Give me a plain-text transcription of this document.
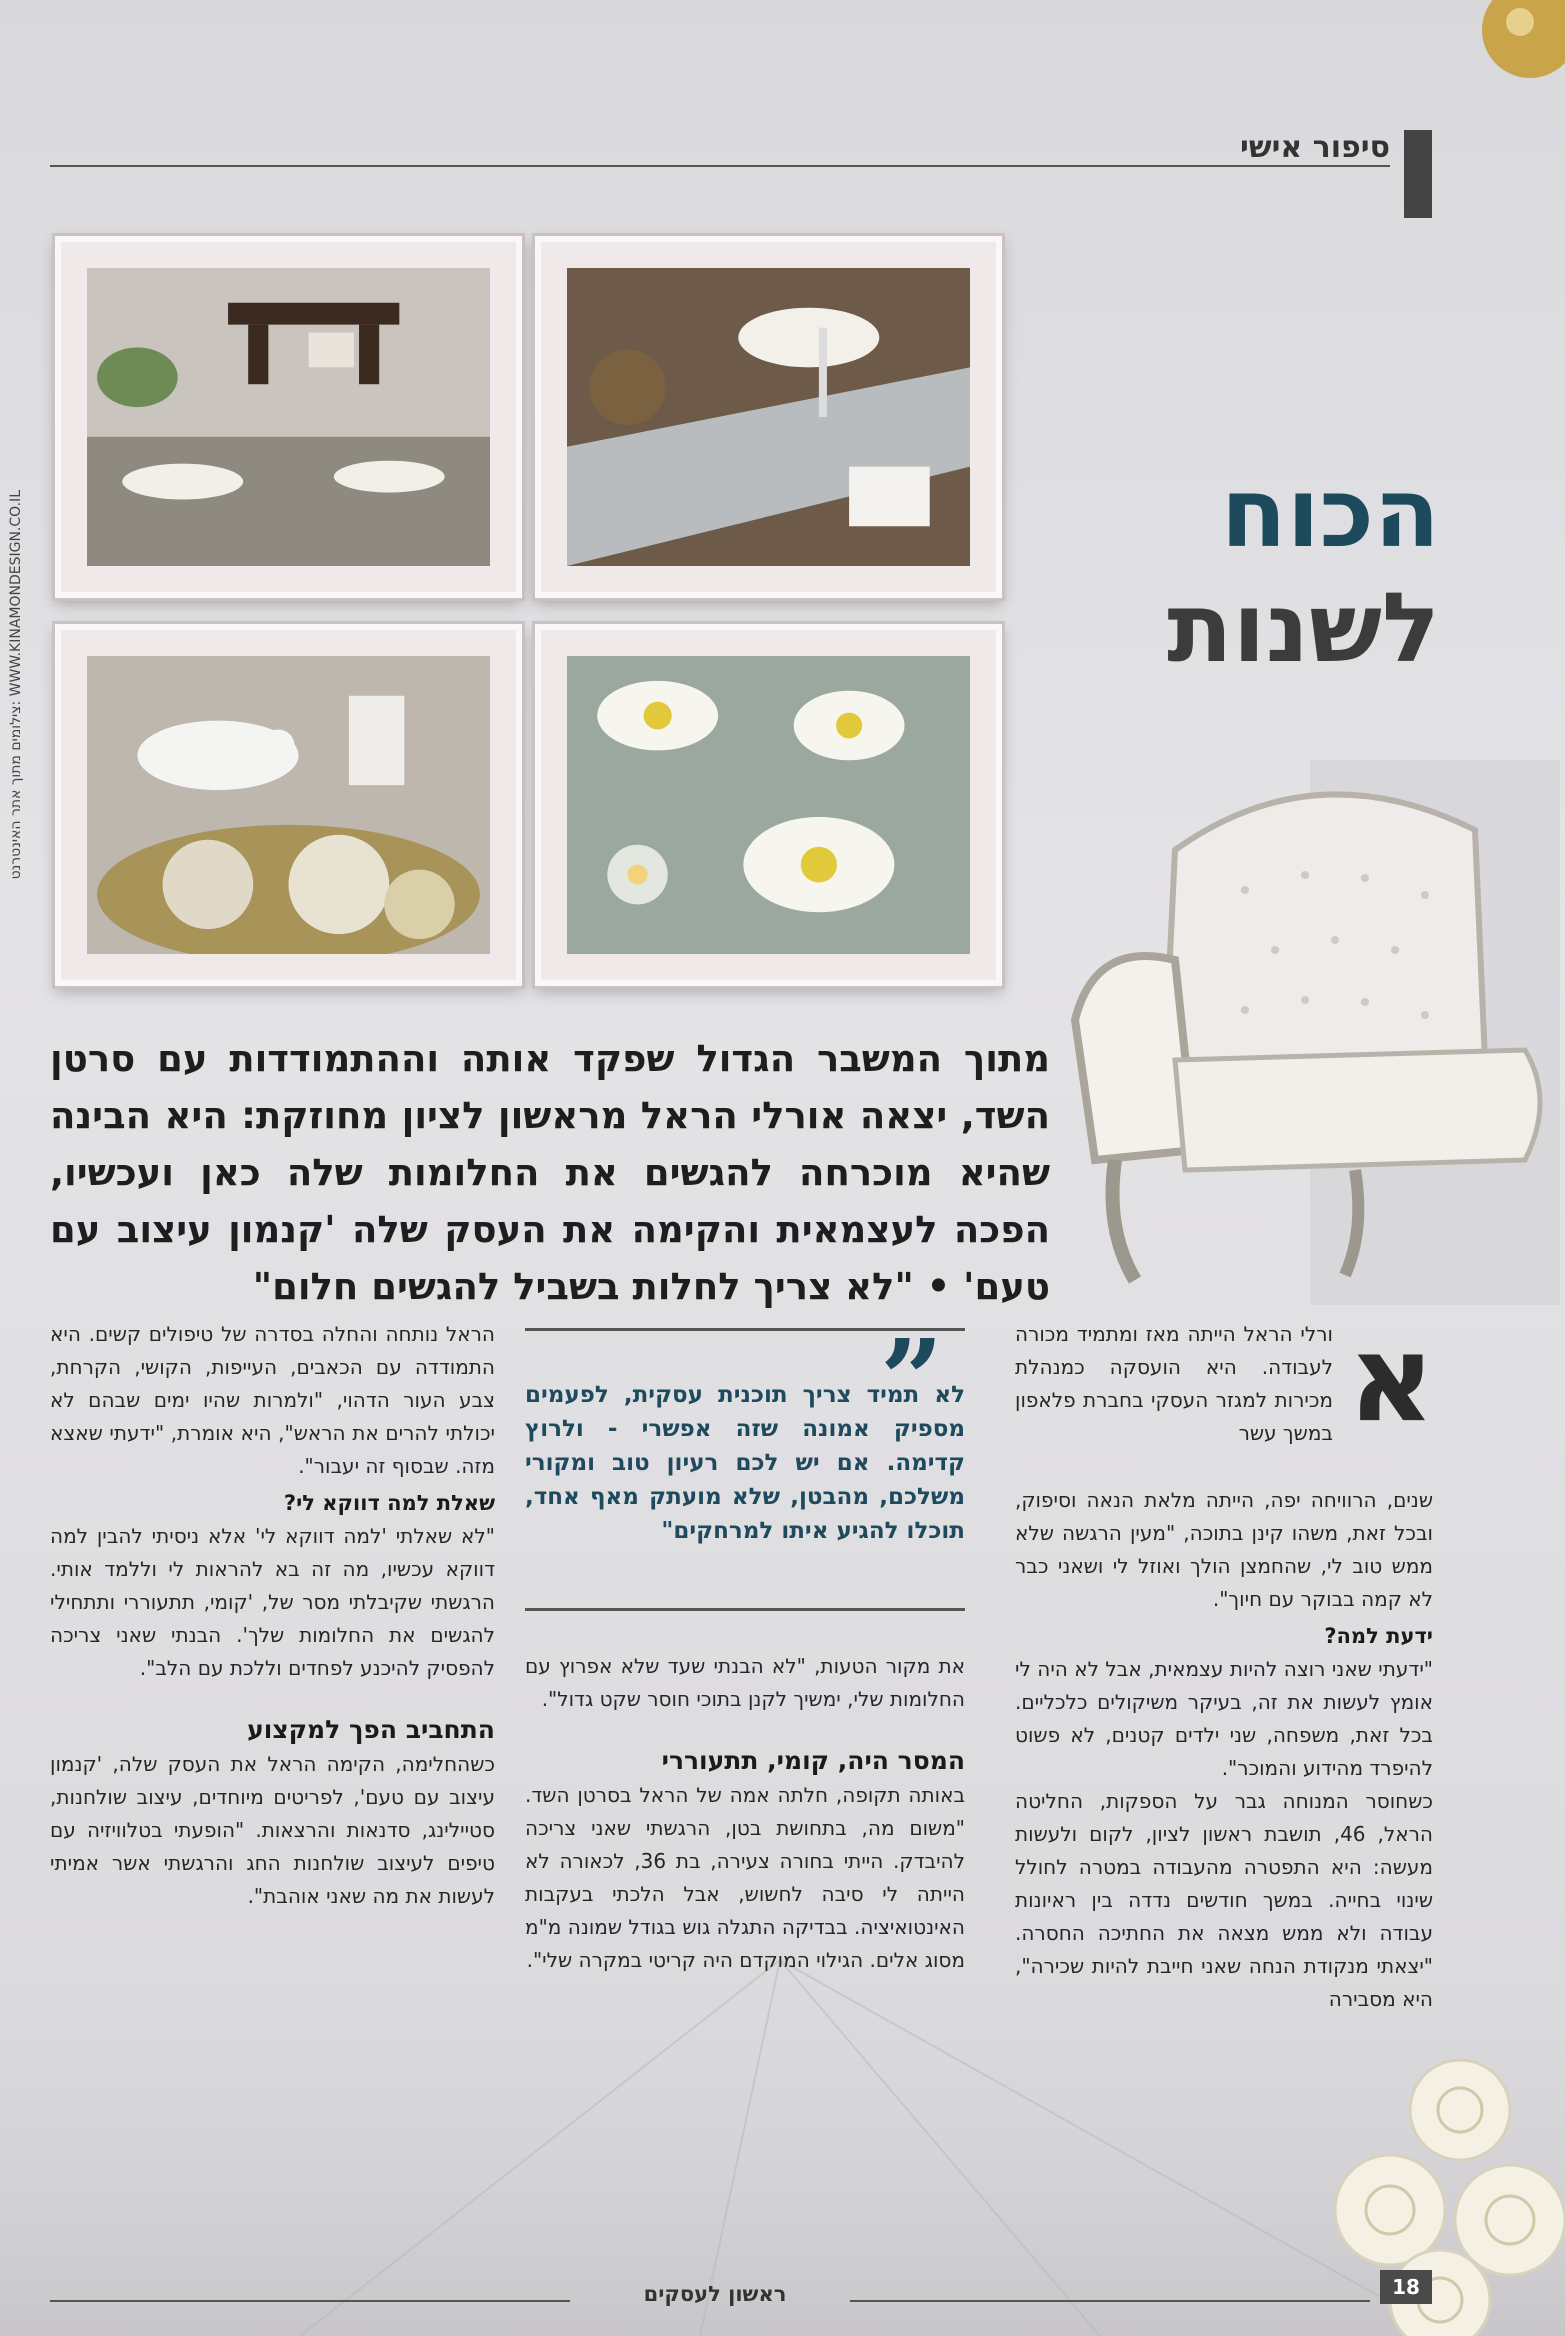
סיפור אישי
צילומים מתוך אתר האינטרנט: WWW.KINAMONDESIGN.CO.IL	הכוח
לשנות
מתוך המשבר הגדול שפקד אותה וההתמודדות עם סרטן השד, יצאה אורלי הראל מראשון לציון מחוזקת: היא הבינה שהיא מוכרחה להגשים את החלומות שלה כאן ועכשיו, הפכה לעצמאית והקימה את העסק שלה 'קנמון עיצוב עם טעם' • "לא צריך לחלות בשביל להגשים חלום"
א

ורלי הראל הייתה מאז ומתמיד מכורה לעבודה. היא הועסקה כמנהלת מכירות למגזר העסקי בחברת פלאפון במשך עשר

שנים, הרוויחה יפה, הייתה מלאת הנאה וסיפוק, ובכל זאת, משהו קינן בתוכה, "מעין הרגשה שלא ממש טוב לי, שהחמצן הולך ואוזל לי ושאני כבר לא קמה בבוקר עם חיוך".

ידעת למה?

"ידעתי שאני רוצה להיות עצמאית, אבל לא היה לי אומץ לעשות את זה, בעיקר משיקולים כלכליים. בכל זאת, משפחה, שני ילדים קטנים, לא פשוט להיפרד מהידוע והמוכר".

כשחוסר המנוחה גבר על הספקות, החליטה הראל, 46, תושבת ראשון לציון, לקום ולעשות מעשה: היא התפטרה מהעבודה במטרה לחולל שינוי בחייה. במשך חודשים נדדה בין ראיונות עבודה ולא ממש מצאה את החתיכה החסרה. "יצאתי מנקודת הנחה שאני חייבת להיות שכירה", היא מסבירה

”
לא תמיד צריך תוכנית עסקית, לפעמים מספיק אמונה שזה אפשרי - ולרוץ קדימה. אם יש לכם רעיון טוב ומקורי משלכם, מהבטן, שלא מועתק מאף אחד, תוכלו להגיע איתו למרחקים"

את מקור הטעות, "לא הבנתי שעד שלא אפרוץ עם החלומות שלי, ימשיך לקנן בתוכי חוסר שקט גדול".

המסר היה, קומי, תתעוררי

באותה תקופה, חלתה אמה של הראל בסרטן השד. "משום מה, בתחושת בטן, הרגשתי שאני צריכה להיבדק. הייתי בחורה צעירה, בת 36, לכאורה לא הייתה לי סיבה לחשוש, אבל הלכתי בעקבות האינטואיציה. בבדיקה התגלה גוש בגודל שמונה מ"מ מסוג אלים. הגילוי המוקדם היה קריטי במקרה שלי".

הראל נותחה והחלה בסדרה של טיפולים קשים. היא התמודדה עם הכאבים, העייפות, הקושי, הקרחת, צבע העור הדהוי, "ולמרות שהיו ימים שבהם לא יכולתי להרים את הראש", היא אומרת, "ידעתי שאצא מזה. שבסוף זה יעבור".

שאלת למה דווקא לי?

"לא שאלתי 'למה דווקא לי' אלא ניסיתי להבין למה דווקא עכשיו, מה זה בא להראות לי וללמד אותי. הרגשתי שקיבלתי מסר של, 'קומי, תתעוררי ותתחילי להגשים את החלומות שלך'. הבנתי שאני צריכה להפסיק להיכנע לפחדים וללכת עם הלב".

התחביב הפך למקצוע

כשהחלימה, הקימה הראל את העסק שלה, 'קנמון עיצוב עם טעם', לפריטים מיוחדים, עיצוב שולחנות, סטיילינג, סדנאות והרצאות. "הופעתי בטלוויזיה עם טיפים לעיצוב שולחנות החג והרגשתי אשר אמיתי לעשות את מה שאני אוהבת".

ראשון לעסקים	18
